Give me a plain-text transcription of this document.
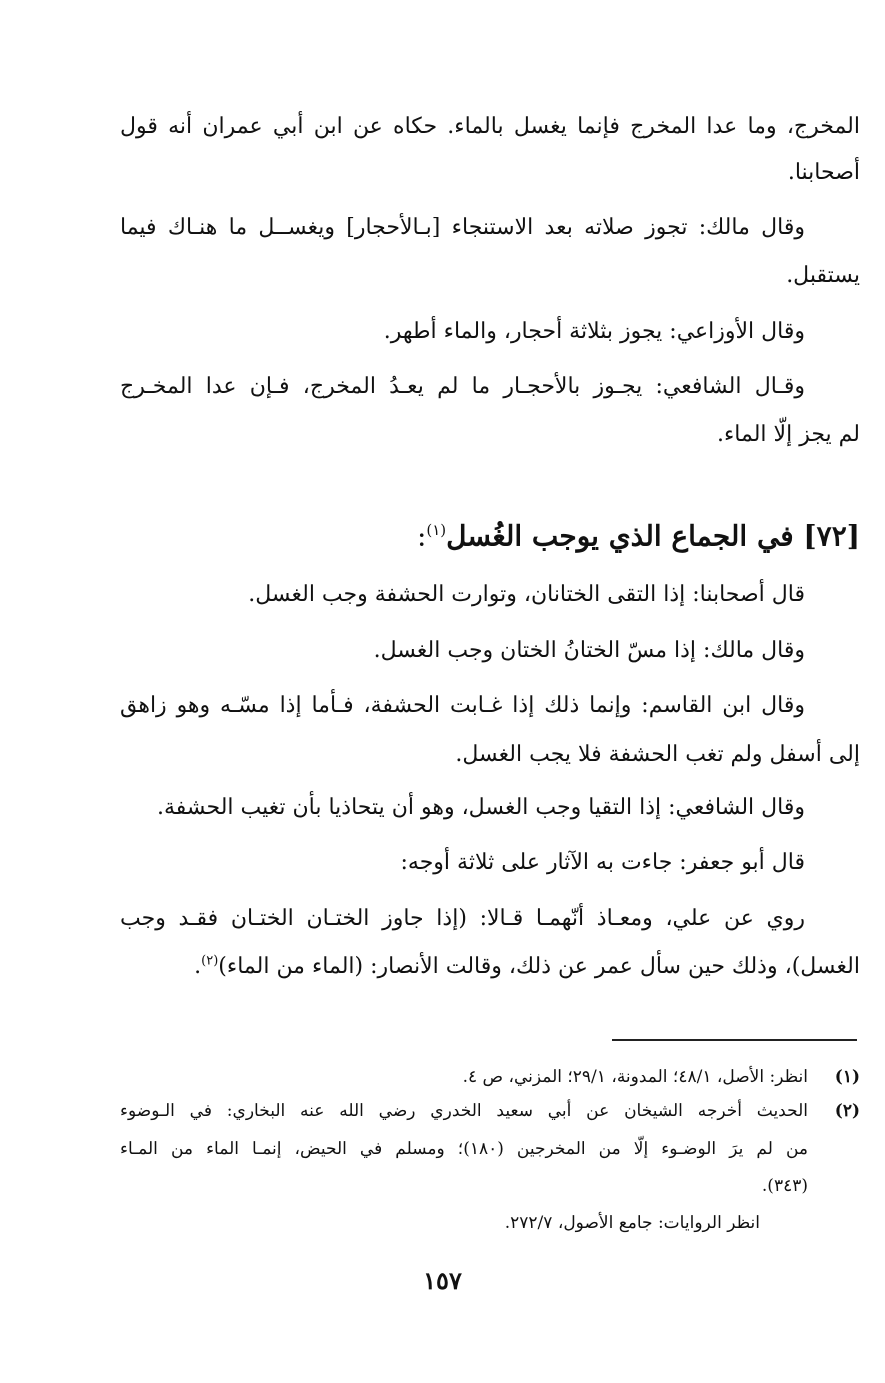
المخرج، وما عدا المخرج فإنما يغسل بالماء. حكاه عن ابن أبي عمران أنه قول

أصحابنا.

وقال مالك: تجوز صلاته بعد الاستنجاء [بـالأحجار] ويغســل ما هنـاك فيما

يستقبل.

وقال الأوزاعي: يجوز بثلاثة أحجار، والماء أطهر.

وقـال الشافعي: يجـوز بالأحجـار ما لم يعـدُ المخرج، فـإن عدا المخـرج

لم يجز إلّا الماء.

[٧٢] في الجماع الذي يوجب الغُسل$^{(١)}$:

قال أصحابنا: إذا التقى الختانان، وتوارت الحشفة وجب الغسل.

وقال مالك: إذا مسّ الختانُ الختان وجب الغسل.

وقال ابن القاسم: وإنما ذلك إذا غـابت الحشفة، فـأما إذا مسّـه وهو زاهق

إلى أسفل ولم تغب الحشفة فلا يجب الغسل.

وقال الشافعي: إذا التقيا وجب الغسل، وهو أن يتحاذيا بأن تغيب الحشفة.

قال أبو جعفر: جاءت به الآثار على ثلاثة أوجه:

روي عن علي، ومعـاذ أنّهمـا قـالا: (إذا جاوز الختـان الختـان فقـد وجب

الغسل)، وذلك حين سأل عمر عن ذلك، وقالت الأنصار: (الماء من الماء)$^{(٢)}$.

(١)

انظر: الأصل، ٤٨/١؛ المدونة، ٢٩/١؛ المزني، ص ٤.

(٢)

الحديث أخرجه الشيخان عن أبي سعيد الخدري رضي الله عنه البخاري: في الـوضوء

من لم يرَ الوضـوء إلّا من المخرجين (١٨٠)؛ ومسلم في الحيض، إنمـا الماء من المـاء

(٣٤٣).

انظر الروايات: جامع الأصول، ٢٧٢/٧.

١٥٧
